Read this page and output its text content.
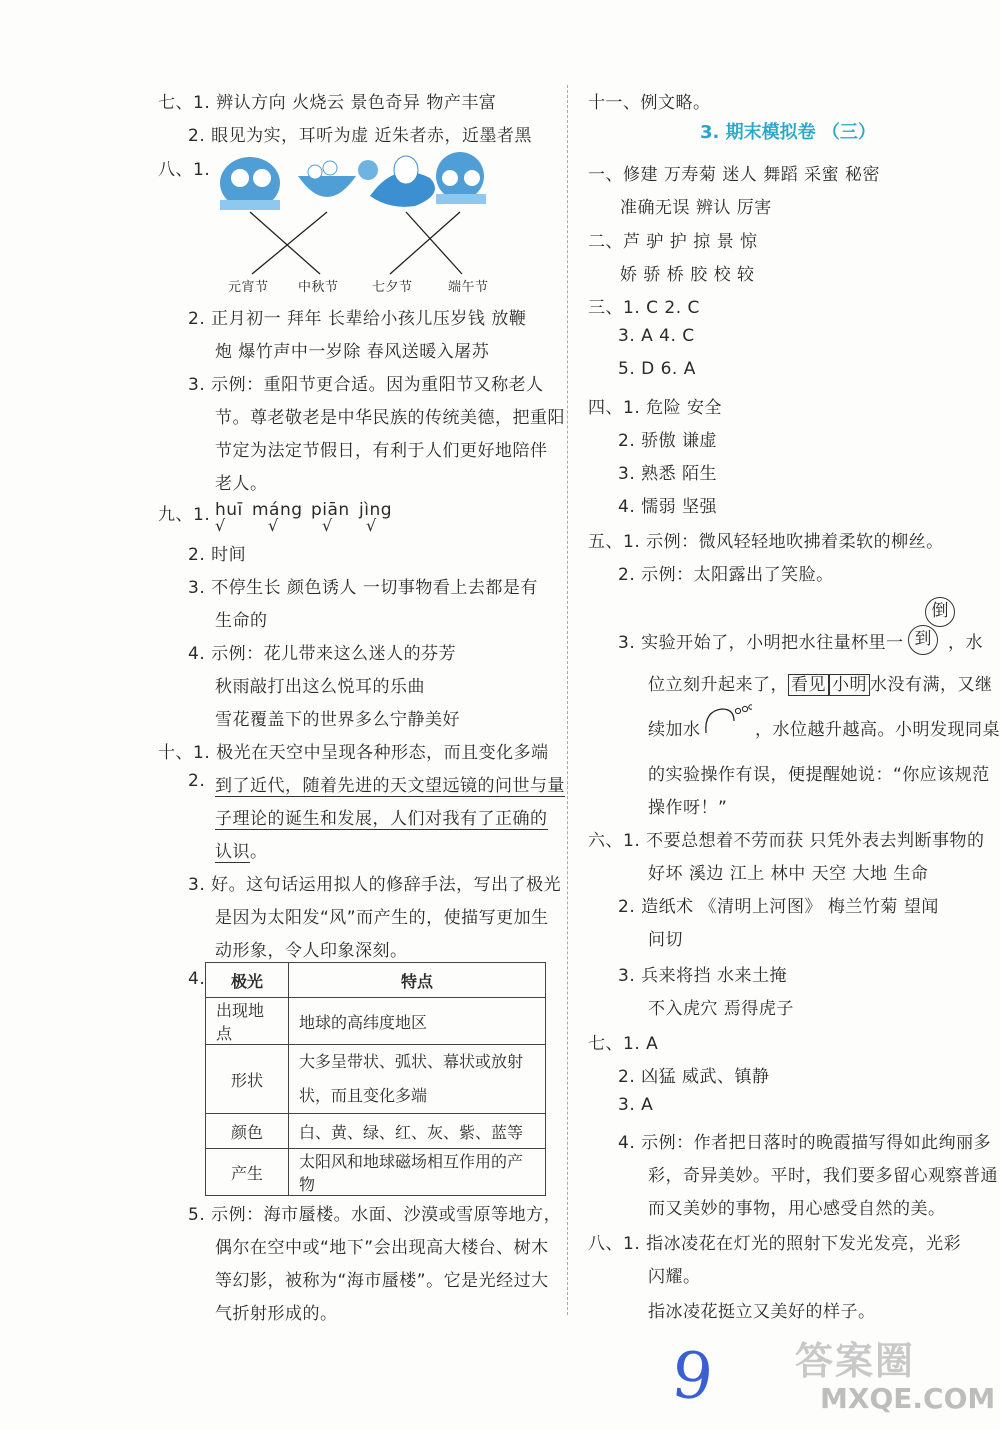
七、1. 辨认方向 火烧云 景色奇异 物产丰富
2. 眼见为实，耳听为虚 近朱者赤，近墨者黑
八、1.
元宵节 中秋节	七夕节	端午节
2. 正月初一 拜年 长辈给小孩儿压岁钱 放鞭
炮 爆竹声中一岁除 春风送暖入屠苏
3. 示例：重阳节更合适。因为重阳节又称老人
节。尊老敬老是中华民族的传统美德，把重阳
节定为法定节假日，有利于人们更好地陪伴
老人。
九、1. huī máng piān jìng
√	√	√ √
2. 时间
3. 不停生长 颜色诱人 一切事物看上去都是有
生命的
4. 示例：花儿带来这么迷人的芬芳
秋雨敲打出这么悦耳的乐曲
雪花覆盖下的世界多么宁静美好
十、1. 极光在天空中呈现各种形态，而且变化多端
2. 到了近代，随着先进的天文望远镜的问世与量
子理论的诞生和发展，人们对我有了正确的
认识。
3. 好。这句话运用拟人的修辞手法，写出了极光
是因为太阳发“风”而产生的，使描写更加生
动形象，令人印象深刻。
4. 极光	特点
出现地点	地球的高纬度地区
形状	大多呈带状、弧状、幕状或放射
状，而且变化多端

颜色	白、黄、绿、红、灰、紫、蓝等
产生	太阳风和地球磁场相互作用的产物
5. 示例：海市蜃楼。水面、沙漠或雪原等地方，
偶尔在空中或“地下”会出现高大楼台、树木
等幻影，被称为“海市蜃楼”。它是光经过大
气折射形成的。
十一、例文略。
3. 期末模拟卷 （三）
一、修建 万寿菊 迷人 舞蹈 采蜜 秘密
准确无误 辨认 厉害
二、芦 驴 护 掠 景 惊
娇 骄 桥 胶 校 较
三、1. C 2. C
3. A 4. C
5. D 6. A
四、1. 危险 安全
2. 骄傲 谦虚
3. 熟悉 陌生
4. 懦弱 坚强
五、1. 示例：微风轻轻地吹拂着柔软的柳丝。
2. 示例：太阳露出了笑脸。
倒
3. 实验开始了，小明把水往量杯里一 到 ，水
位立刻升起来了， 看见 小明 水没有满，又继
续加水	，水位越升越高。小明发现同桌
的实验操作有误，便提醒她说：“你应该规范
操作呀！”
六、1. 不要总想着不劳而获 只凭外表去判断事物的
好坏 溪边 江上 林中 天空 大地 生命
2. 造纸术 《清明上河图》 梅兰竹菊 望闻
问切
3. 兵来将挡 水来土掩
不入虎穴 焉得虎子
七、1. A
2. 凶猛 威武、镇静
3. A
4. 示例：作者把日落时的晚霞描写得如此绚丽多
彩，奇异美妙。平时，我们要多留心观察普通
而又美妙的事物，用心感受自然的美。
八、1. 指冰凌花在灯光的照射下发光发亮，光彩
闪耀。
指冰凌花挺立又美好的样子。
9 答案圈
MXQE.COM
